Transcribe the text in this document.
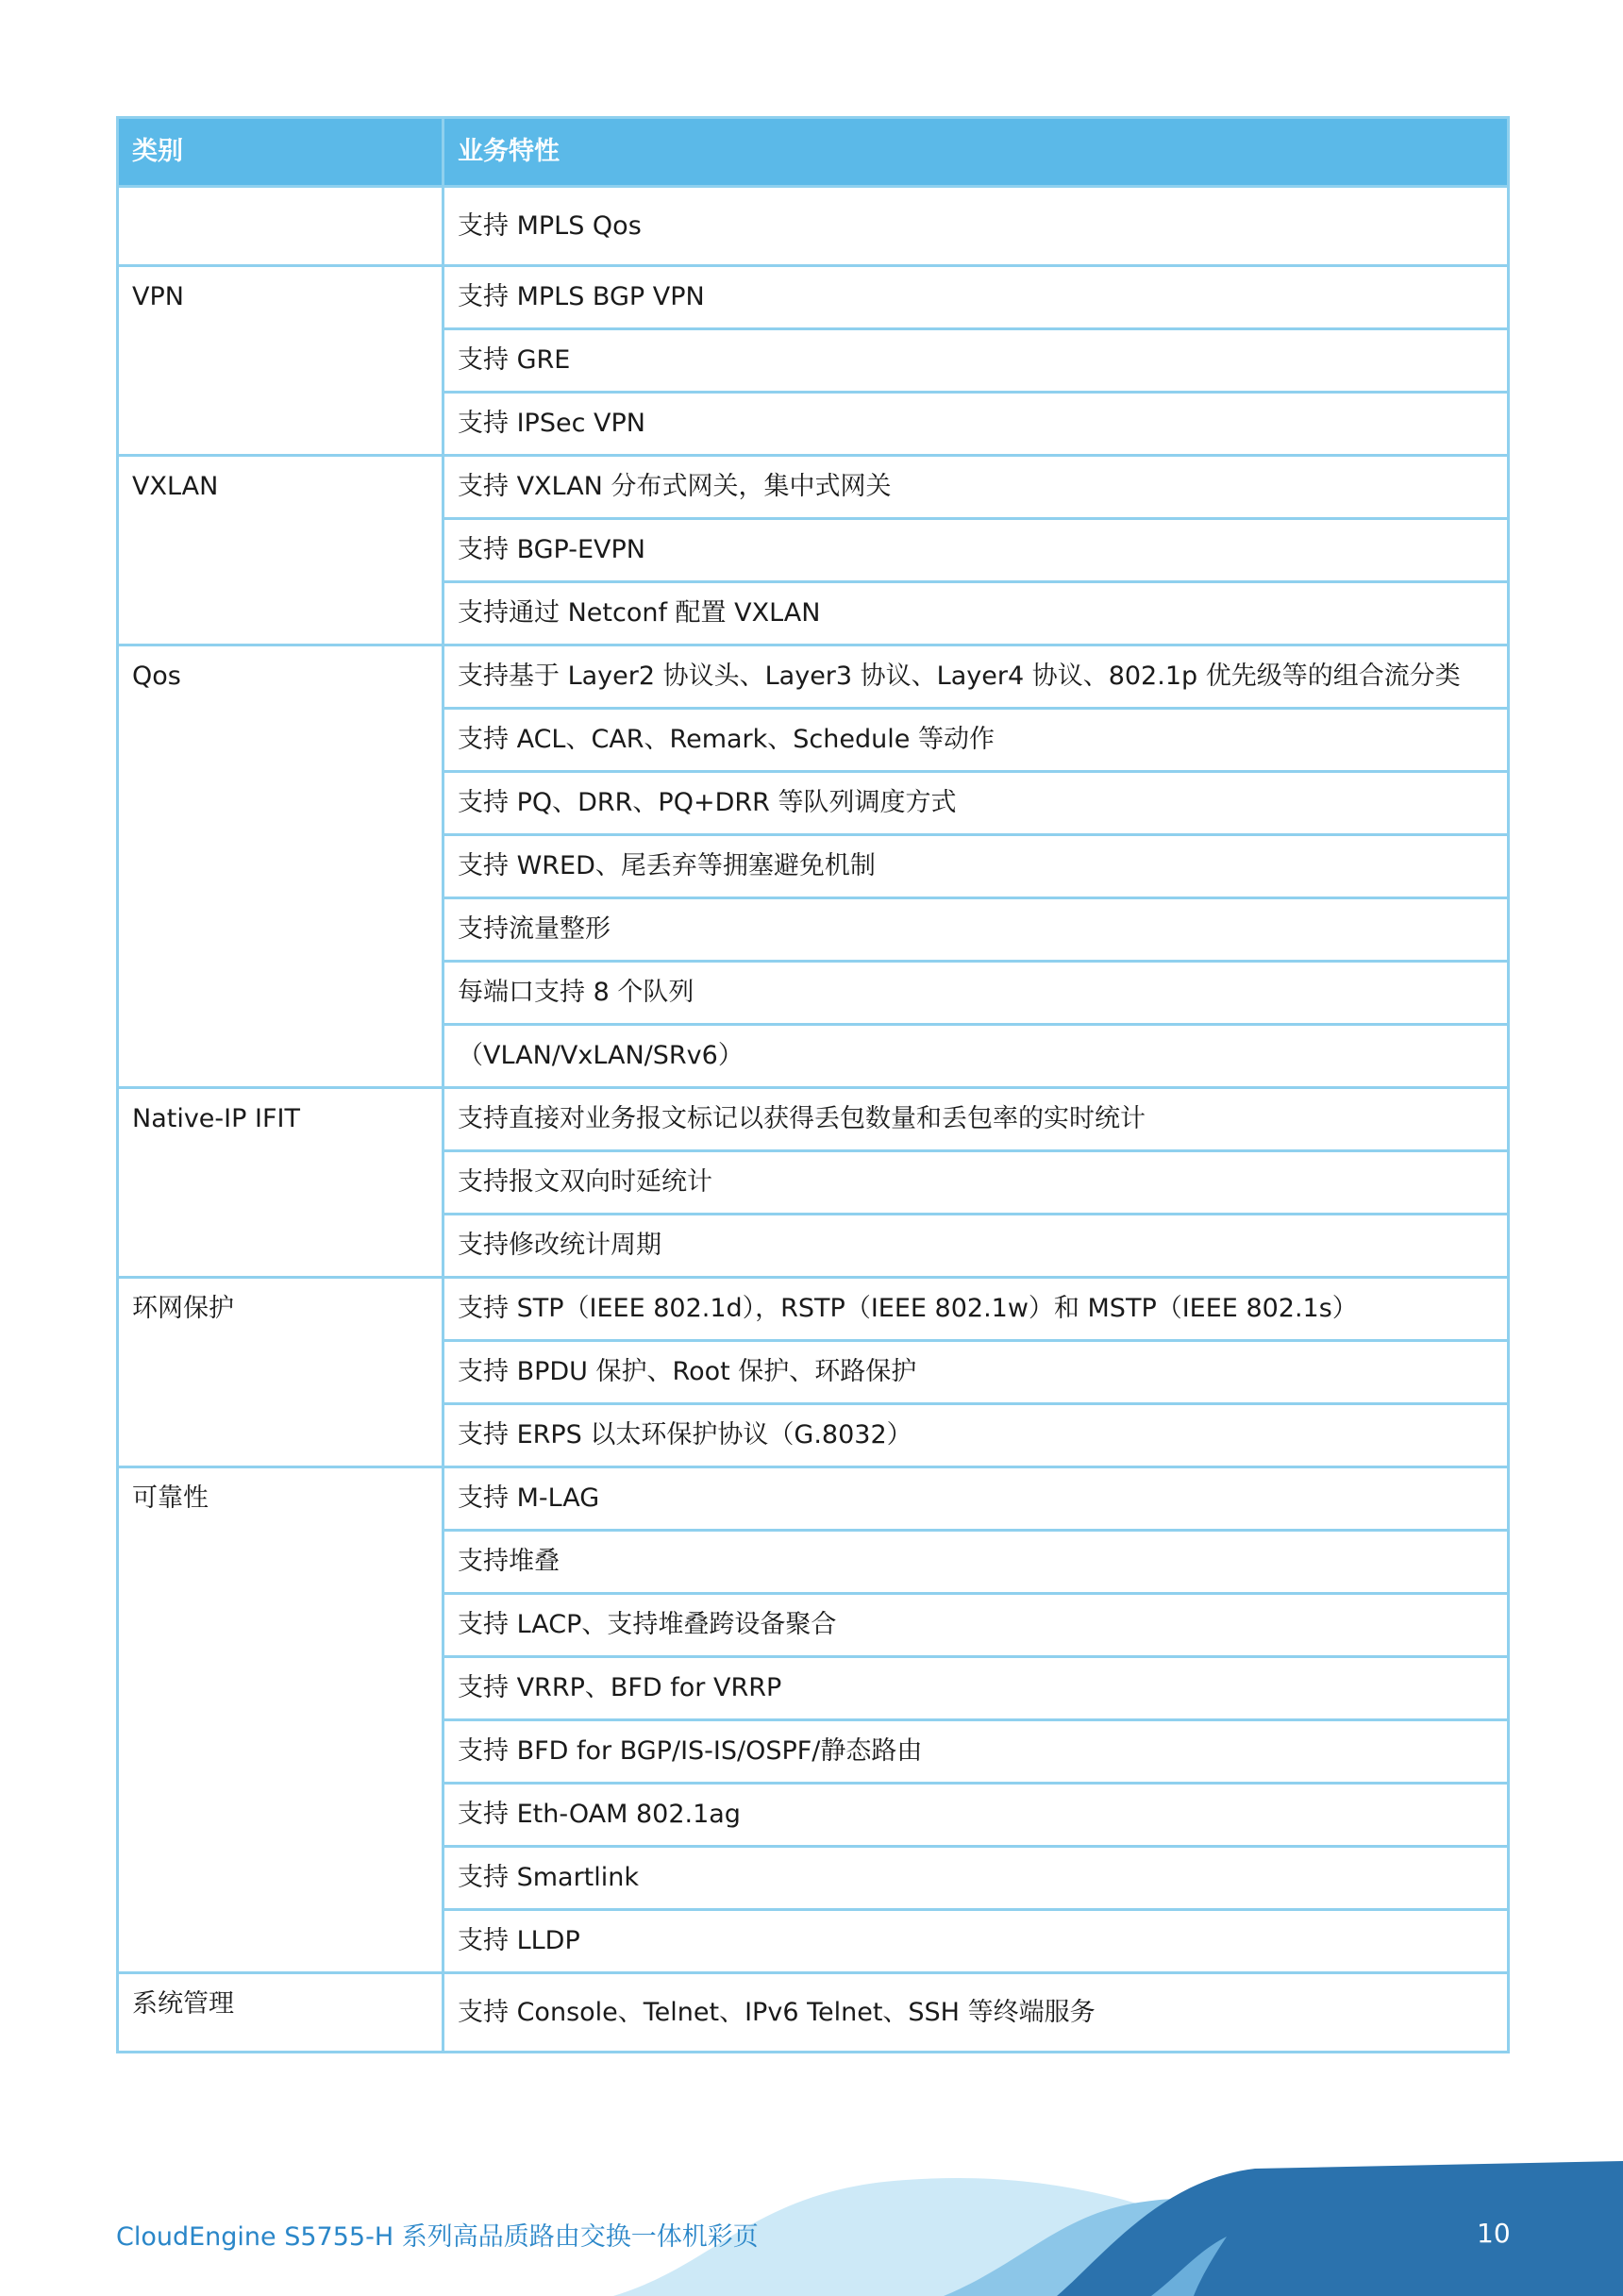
类别	业务特性
	支持 MPLS Qos
VPN	支持 MPLS BGP VPN
	支持 GRE
	支持 IPSec VPN
VXLAN	支持 VXLAN 分布式网关，集中式网关
	支持 BGP-EVPN
	支持通过 Netconf 配置 VXLAN
Qos	支持基于 Layer2 协议头、Layer3 协议、Layer4 协议、802.1p 优先级等的组合流分类
	支持 ACL、CAR、Remark、Schedule 等动作
	支持 PQ、DRR、PQ+DRR 等队列调度方式
	支持 WRED、尾丢弃等拥塞避免机制
	支持流量整形
	每端口支持 8 个队列
	（VLAN/VxLAN/SRv6）
Native-IP IFIT	支持直接对业务报文标记以获得丢包数量和丢包率的实时统计
	支持报文双向时延统计
	支持修改统计周期
环网保护	支持 STP（IEEE 802.1d），RSTP（IEEE 802.1w）和 MSTP（IEEE 802.1s）
	支持 BPDU 保护、Root 保护、环路保护
	支持 ERPS 以太环保护协议（G.8032）
可靠性	支持 M-LAG
	支持堆叠
	支持 LACP、支持堆叠跨设备聚合
	支持 VRRP、BFD for VRRP
	支持 BFD for BGP/IS-IS/OSPF/静态路由
	支持 Eth-OAM 802.1ag
	支持 Smartlink
	支持 LLDP
系统管理	支持 Console、Telnet、IPv6 Telnet、SSH 等终端服务
CloudEngine S5755-H 系列高品质路由交换一体机彩页	10
